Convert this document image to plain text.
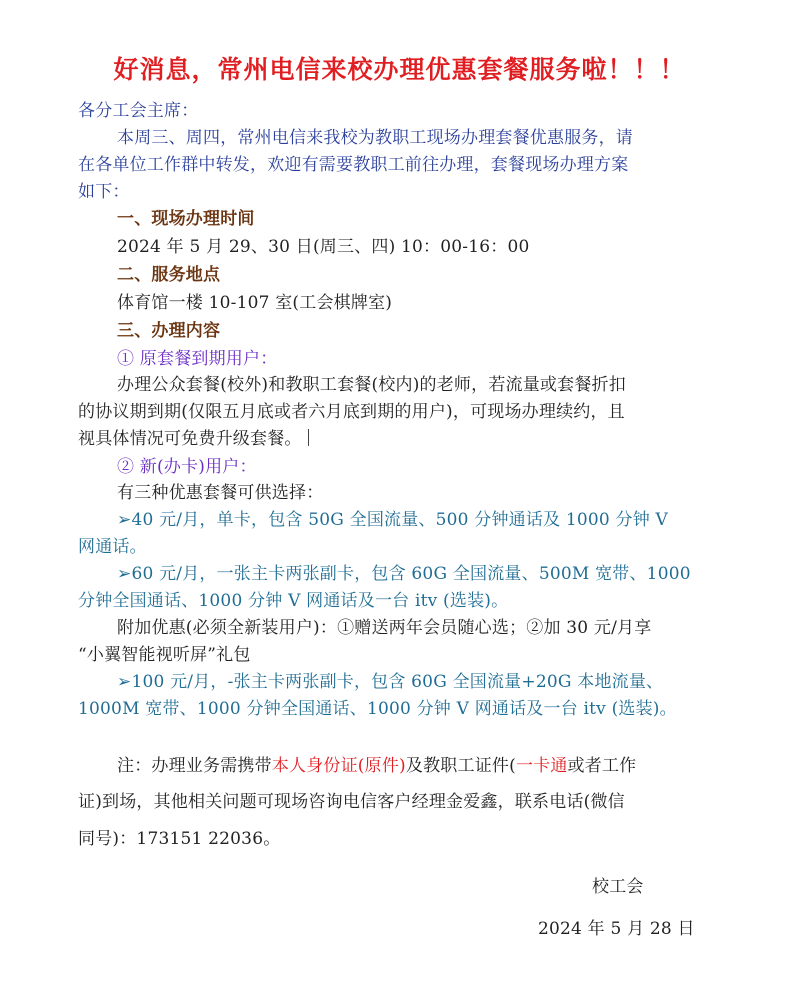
好消息，常州电信来校办理优惠套餐服务啦！！！
各分工会主席：
本周三、周四，常州电信来我校为教职工现场办理套餐优惠服务，请
在各单位工作群中转发，欢迎有需要教职工前往办理，套餐现场办理方案
如下：
一、现场办理时间
2024 年 5 月 29、30 日(周三、四) 10：00-16：00
二、服务地点
体育馆一楼 10-107 室(工会棋牌室)
三、办理内容
① 原套餐到期用户：
办理公众套餐(校外)和教职工套餐(校内)的老师，若流量或套餐折扣
的协议期到期(仅限五月底或者六月底到期的用户)，可现场办理续约，且
视具体情况可免费升级套餐。
② 新(办卡)用户：
有三种优惠套餐可供选择：
➢40 元/月，单卡，包含 50G 全国流量、500 分钟通话及 1000 分钟 V
网通话。
➢60 元/月，一张主卡两张副卡，包含 60G 全国流量、500M 宽带、1000
分钟全国通话、1000 分钟 V 网通话及一台 itv (选装)。
附加优惠(必须全新装用户)：①赠送两年会员随心选；②加 30 元/月享
“小翼智能视听屏”礼包
➢100 元/月，-张主卡两张副卡，包含 60G 全国流量+20G 本地流量、
1000M 宽带、1000 分钟全国通话、1000 分钟 V 网通话及一台 itv (选装)。
注：办理业务需携带本人身份证(原件)及教职工证件(一卡通或者工作
证)到场，其他相关问题可现场咨询电信客户经理金爱鑫，联系电话(微信
同号)：173151 22036。
校工会
2024 年 5 月 28 日
